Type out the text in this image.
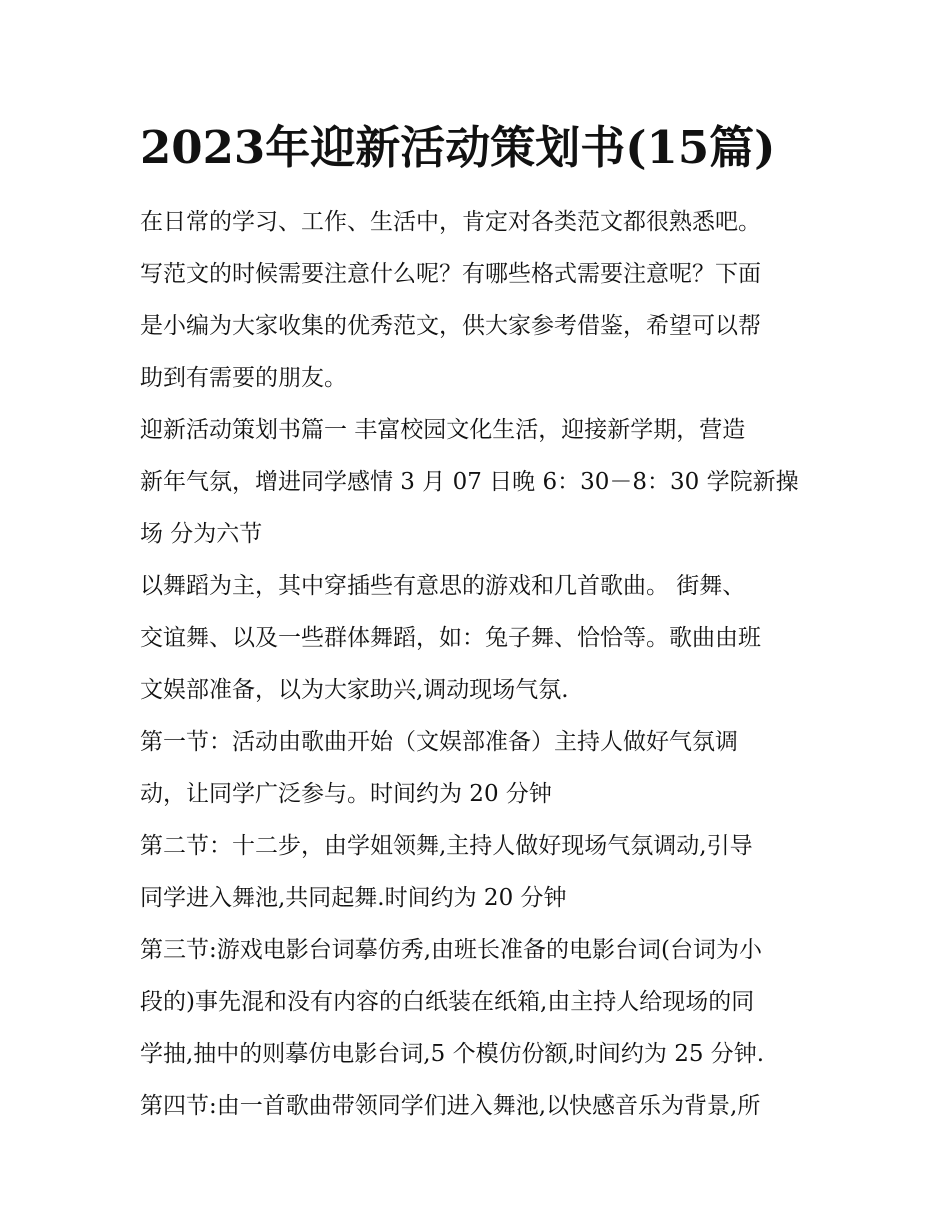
2023年迎新活动策划书(15篇)

在日常的学习、工作、生活中，肯定对各类范文都很熟悉吧。
写范文的时候需要注意什么呢？有哪些格式需要注意呢？下面
是小编为大家收集的优秀范文，供大家参考借鉴，希望可以帮
助到有需要的朋友。

迎新活动策划书篇一 丰富校园文化生活，迎接新学期，营造
新年气氛，增进同学感情 3 月 07 日晚 6：30－8：30 学院新操
场 分为六节

以舞蹈为主，其中穿插些有意思的游戏和几首歌曲。 街舞、
交谊舞、以及一些群体舞蹈，如：兔子舞、恰恰等。歌曲由班
文娱部准备，以为大家助兴,调动现场气氛.

第一节：活动由歌曲开始（文娱部准备）主持人做好气氛调
动，让同学广泛参与。时间约为 20 分钟

第二节：十二步，由学姐领舞,主持人做好现场气氛调动,引导
同学进入舞池,共同起舞.时间约为 20 分钟

第三节:游戏电影台词摹仿秀,由班长准备的电影台词(台词为小
段的)事先混和没有内容的白纸装在纸箱,由主持人给现场的同
学抽,抽中的则摹仿电影台词,5 个模仿份额,时间约为 25 分钟.

第四节:由一首歌曲带领同学们进入舞池,以快感音乐为背景,所
